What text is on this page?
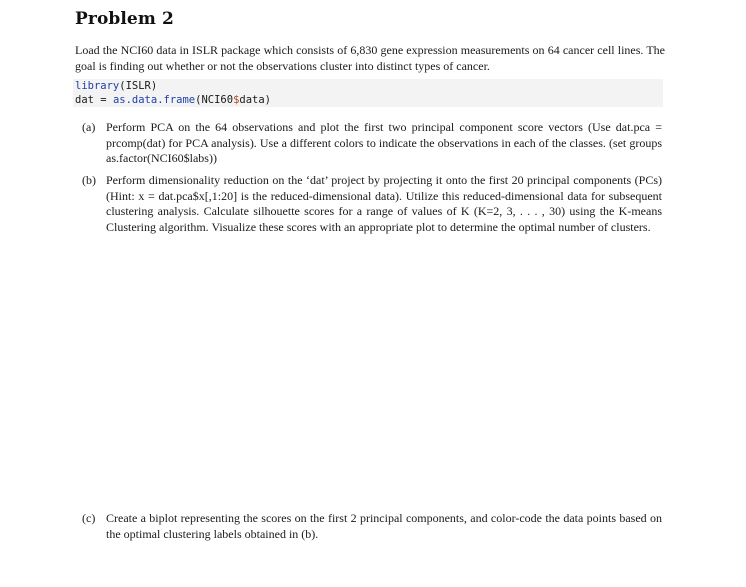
Problem 2
Load the NCI60 data in ISLR package which consists of 6,830 gene expression measurements on 64 cancer cell lines. The goal is finding out whether or not the observations cluster into distinct types of cancer.
library(ISLR)
dat = as.data.frame(NCI60$data)
(a) Perform PCA on the 64 observations and plot the first two principal component score vectors (Use dat.pca = prcomp(dat) for PCA analysis). Use a different colors to indicate the observations in each of the classes. (set groups as.factor(NCI60$labs))
(b) Perform dimensionality reduction on the ‘dat’ project by projecting it onto the first 20 principal components (PCs) (Hint: x = dat.pca$x[,1:20] is the reduced-dimensional data). Utilize this reduced-dimensional data for subsequent clustering analysis. Calculate silhouette scores for a range of values of K (K=2, 3, . . . , 30) using the K-means Clustering algorithm. Visualize these scores with an appropriate plot to determine the optimal number of clusters.
(c) Create a biplot representing the scores on the first 2 principal components, and color-code the data points based on the optimal clustering labels obtained in (b).
